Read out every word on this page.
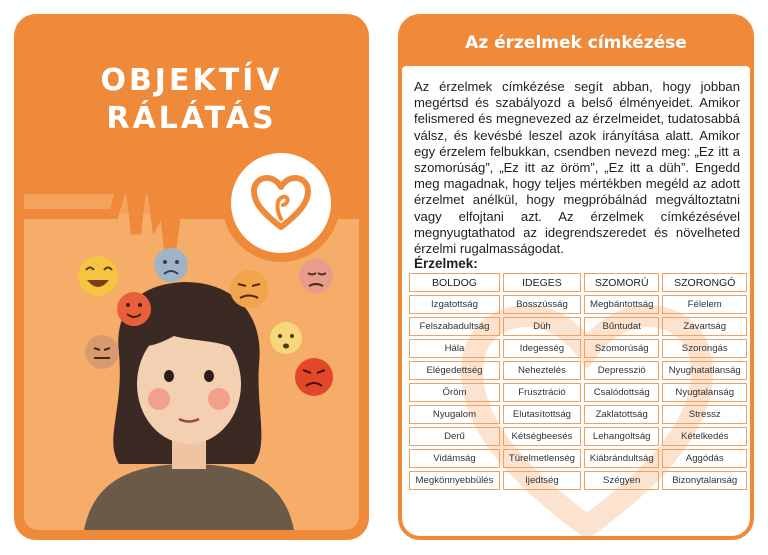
OBJEKTÍV
RÁLÁTÁS
Az érzelmek címkézése
Az érzelmek címkézése segít abban, hogy jobban megértsd és szabályozd a belső élményeidet. Amikor felismered és megnevezed az érzelmeidet, tudatosabbá válsz, és kevésbé leszel azok irányítása alatt. Amikor egy érzelem felbukkan, csendben nevezd meg: „Ez itt a szomorúság”, „Ez itt az öröm”, „Ez itt a düh”. Engedd meg magadnak, hogy teljes mértékben megéld az adott érzelmet anélkül, hogy megpróbálnád megváltoztatni vagy elfojtani azt. Az érzelmek címkézésével megnyugtathatod az idegrendszeredet és növelheted érzelmi rugalmasságodat.
Érzelmek:
BOLDOG	IDEGES	SZOMORÚ	SZORONGÓ
Izgatottság	Bosszússág	Megbántottság	Félelem
Felszabadultság	Düh	Bűntudat	Zavartság
Hála	Idegesség	Szomorúság	Szorongás
Elégedettség	Neheztelés	Depresszió	Nyughatatlanság
Öröm	Frusztráció	Csalódottság	Nyugtalanság
Nyugalom	Elutasítottság	Zaklatottság	Stressz
Derű	Kétségbeesés	Lehangoltság	Kételkedés
Vidámság	Türelmetlenség	Kiábrándultság	Aggódás
Megkönnyebbülés	Ijedtség	Szégyen	Bizonytalanság
